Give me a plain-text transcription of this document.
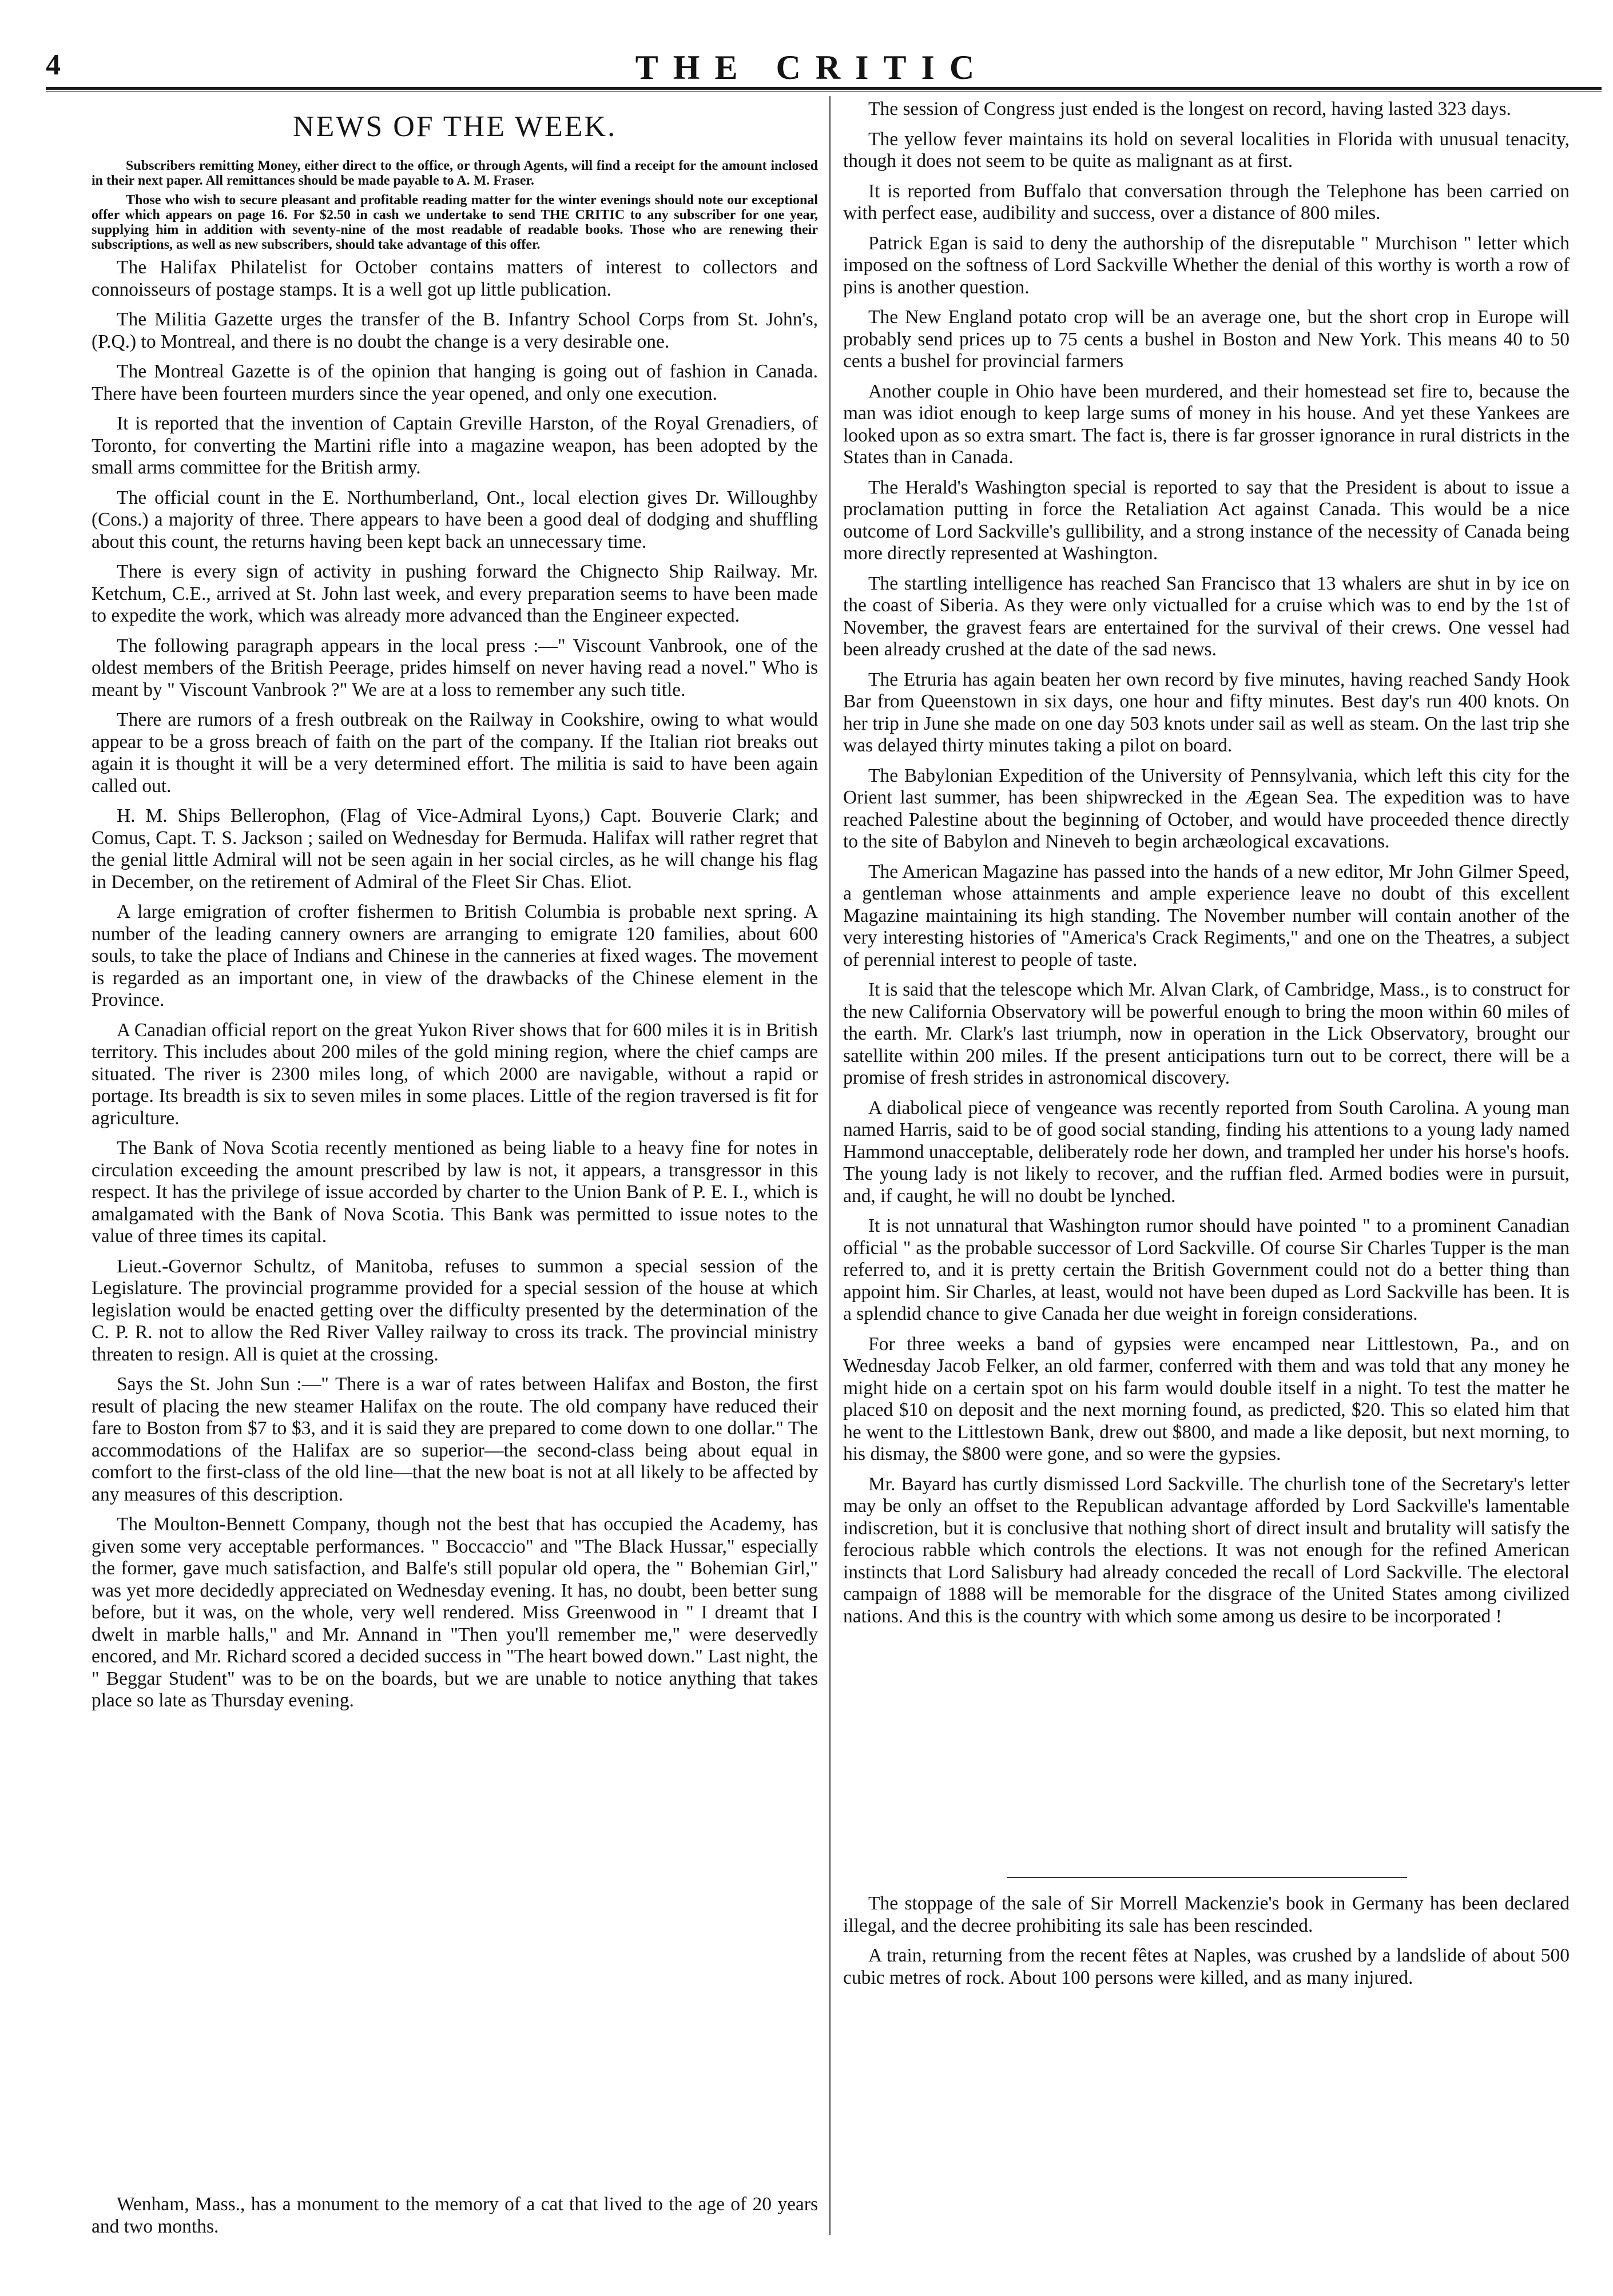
4	THE CRITIC
NEWS OF THE WEEK.

Subscribers remitting Money, either direct to the office, or through Agents, will find a receipt for the amount inclosed in their next paper. All remittances should be made payable to A. M. Fraser.

Those who wish to secure pleasant and profitable reading matter for the winter evenings should note our exceptional offer which appears on page 16. For $2.50 in cash we undertake to send THE CRITIC to any subscriber for one year, supplying him in addition with seventy-nine of the most readable of readable books. Those who are renewing their subscriptions, as well as new subscribers, should take advantage of this offer.

The Halifax Philatelist for October contains matters of interest to collectors and connoisseurs of postage stamps. It is a well got up little publication.

The Militia Gazette urges the transfer of the B. Infantry School Corps from St. John's, (P.Q.) to Montreal, and there is no doubt the change is a very desirable one.

The Montreal Gazette is of the opinion that hanging is going out of fashion in Canada. There have been fourteen murders since the year opened, and only one execution.

It is reported that the invention of Captain Greville Harston, of the Royal Grenadiers, of Toronto, for converting the Martini rifle into a magazine weapon, has been adopted by the small arms committee for the British army.

The official count in the E. Northumberland, Ont., local election gives Dr. Willoughby (Cons.) a majority of three. There appears to have been a good deal of dodging and shuffling about this count, the returns having been kept back an unnecessary time.

There is every sign of activity in pushing forward the Chignecto Ship Railway. Mr. Ketchum, C.E., arrived at St. John last week, and every preparation seems to have been made to expedite the work, which was already more advanced than the Engineer expected.

The following paragraph appears in the local press :—" Viscount Vanbrook, one of the oldest members of the British Peerage, prides himself on never having read a novel." Who is meant by " Viscount Vanbrook ?" We are at a loss to remember any such title.

There are rumors of a fresh outbreak on the Railway in Cookshire, owing to what would appear to be a gross breach of faith on the part of the company. If the Italian riot breaks out again it is thought it will be a very determined effort. The militia is said to have been again called out.

H. M. Ships Bellerophon, (Flag of Vice-Admiral Lyons,) Capt. Bouverie Clark; and Comus, Capt. T. S. Jackson ; sailed on Wednesday for Bermuda. Halifax will rather regret that the genial little Admiral will not be seen again in her social circles, as he will change his flag in December, on the retirement of Admiral of the Fleet Sir Chas. Eliot.

A large emigration of crofter fishermen to British Columbia is probable next spring. A number of the leading cannery owners are arranging to emigrate 120 families, about 600 souls, to take the place of Indians and Chinese in the canneries at fixed wages. The movement is regarded as an important one, in view of the drawbacks of the Chinese element in the Province.

A Canadian official report on the great Yukon River shows that for 600 miles it is in British territory. This includes about 200 miles of the gold mining region, where the chief camps are situated. The river is 2300 miles long, of which 2000 are navigable, without a rapid or portage. Its breadth is six to seven miles in some places. Little of the region traversed is fit for agriculture.

The Bank of Nova Scotia recently mentioned as being liable to a heavy fine for notes in circulation exceeding the amount prescribed by law is not, it appears, a transgressor in this respect. It has the privilege of issue accorded by charter to the Union Bank of P. E. I., which is amalgamated with the Bank of Nova Scotia. This Bank was permitted to issue notes to the value of three times its capital.

Lieut.-Governor Schultz, of Manitoba, refuses to summon a special session of the Legislature. The provincial programme provided for a special session of the house at which legislation would be enacted getting over the difficulty presented by the determination of the C. P. R. not to allow the Red River Valley railway to cross its track. The provincial ministry threaten to resign. All is quiet at the crossing.

Says the St. John Sun :—" There is a war of rates between Halifax and Boston, the first result of placing the new steamer Halifax on the route. The old company have reduced their fare to Boston from $7 to $3, and it is said they are prepared to come down to one dollar." The accommodations of the Halifax are so superior—the second-class being about equal in comfort to the first-class of the old line—that the new boat is not at all likely to be affected by any measures of this description.

The Moulton-Bennett Company, though not the best that has occupied the Academy, has given some very acceptable performances. " Boccaccio" and "The Black Hussar," especially the former, gave much satisfaction, and Balfe's still popular old opera, the " Bohemian Girl," was yet more decidedly appreciated on Wednesday evening. It has, no doubt, been better sung before, but it was, on the whole, very well rendered. Miss Greenwood in " I dreamt that I dwelt in marble halls," and Mr. Annand in "Then you'll remember me," were deservedly encored, and Mr. Richard scored a decided success in "The heart bowed down." Last night, the " Beggar Student" was to be on the boards, but we are unable to notice anything that takes place so late as Thursday evening.

Wenham, Mass., has a monument to the memory of a cat that lived to the age of 20 years and two months.

The session of Congress just ended is the longest on record, having lasted 323 days.

The yellow fever maintains its hold on several localities in Florida with unusual tenacity, though it does not seem to be quite as malignant as at first.

It is reported from Buffalo that conversation through the Telephone has been carried on with perfect ease, audibility and success, over a distance of 800 miles.

Patrick Egan is said to deny the authorship of the disreputable " Murchison " letter which imposed on the softness of Lord Sackville Whether the denial of this worthy is worth a row of pins is another question.

The New England potato crop will be an average one, but the short crop in Europe will probably send prices up to 75 cents a bushel in Boston and New York. This means 40 to 50 cents a bushel for provincial farmers

Another couple in Ohio have been murdered, and their homestead set fire to, because the man was idiot enough to keep large sums of money in his house. And yet these Yankees are looked upon as so extra smart. The fact is, there is far grosser ignorance in rural districts in the States than in Canada.

The Herald's Washington special is reported to say that the President is about to issue a proclamation putting in force the Retaliation Act against Canada. This would be a nice outcome of Lord Sackville's gullibility, and a strong instance of the necessity of Canada being more directly represented at Washington.

The startling intelligence has reached San Francisco that 13 whalers are shut in by ice on the coast of Siberia. As they were only victualled for a cruise which was to end by the 1st of November, the gravest fears are entertained for the survival of their crews. One vessel had been already crushed at the date of the sad news.

The Etruria has again beaten her own record by five minutes, having reached Sandy Hook Bar from Queenstown in six days, one hour and fifty minutes. Best day's run 400 knots. On her trip in June she made on one day 503 knots under sail as well as steam. On the last trip she was delayed thirty minutes taking a pilot on board.

The Babylonian Expedition of the University of Pennsylvania, which left this city for the Orient last summer, has been shipwrecked in the Ægean Sea. The expedition was to have reached Palestine about the beginning of October, and would have proceeded thence directly to the site of Babylon and Nineveh to begin archæological excavations.

The American Magazine has passed into the hands of a new editor, Mr John Gilmer Speed, a gentleman whose attainments and ample experience leave no doubt of this excellent Magazine maintaining its high standing. The November number will contain another of the very interesting histories of "America's Crack Regiments," and one on the Theatres, a subject of perennial interest to people of taste.

It is said that the telescope which Mr. Alvan Clark, of Cambridge, Mass., is to construct for the new California Observatory will be powerful enough to bring the moon within 60 miles of the earth. Mr. Clark's last triumph, now in operation in the Lick Observatory, brought our satellite within 200 miles. If the present anticipations turn out to be correct, there will be a promise of fresh strides in astronomical discovery.

A diabolical piece of vengeance was recently reported from South Carolina. A young man named Harris, said to be of good social standing, finding his attentions to a young lady named Hammond unacceptable, deliberately rode her down, and trampled her under his horse's hoofs. The young lady is not likely to recover, and the ruffian fled. Armed bodies were in pursuit, and, if caught, he will no doubt be lynched.

It is not unnatural that Washington rumor should have pointed " to a prominent Canadian official " as the probable successor of Lord Sackville. Of course Sir Charles Tupper is the man referred to, and it is pretty certain the British Government could not do a better thing than appoint him. Sir Charles, at least, would not have been duped as Lord Sackville has been. It is a splendid chance to give Canada her due weight in foreign considerations.

For three weeks a band of gypsies were encamped near Littlestown, Pa., and on Wednesday Jacob Felker, an old farmer, conferred with them and was told that any money he might hide on a certain spot on his farm would double itself in a night. To test the matter he placed $10 on deposit and the next morning found, as predicted, $20. This so elated him that he went to the Littlestown Bank, drew out $800, and made a like deposit, but next morning, to his dismay, the $800 were gone, and so were the gypsies.

Mr. Bayard has curtly dismissed Lord Sackville. The churlish tone of the Secretary's letter may be only an offset to the Republican advantage afforded by Lord Sackville's lamentable indiscretion, but it is conclusive that nothing short of direct insult and brutality will satisfy the ferocious rabble which controls the elections. It was not enough for the refined American instincts that Lord Salisbury had already conceded the recall of Lord Sackville. The electoral campaign of 1888 will be memorable for the disgrace of the United States among civilized nations. And this is the country with which some among us desire to be incorporated !

The stoppage of the sale of Sir Morrell Mackenzie's book in Germany has been declared illegal, and the decree prohibiting its sale has been rescinded.

A train, returning from the recent fêtes at Naples, was crushed by a landslide of about 500 cubic metres of rock. About 100 persons were killed, and as many injured.
